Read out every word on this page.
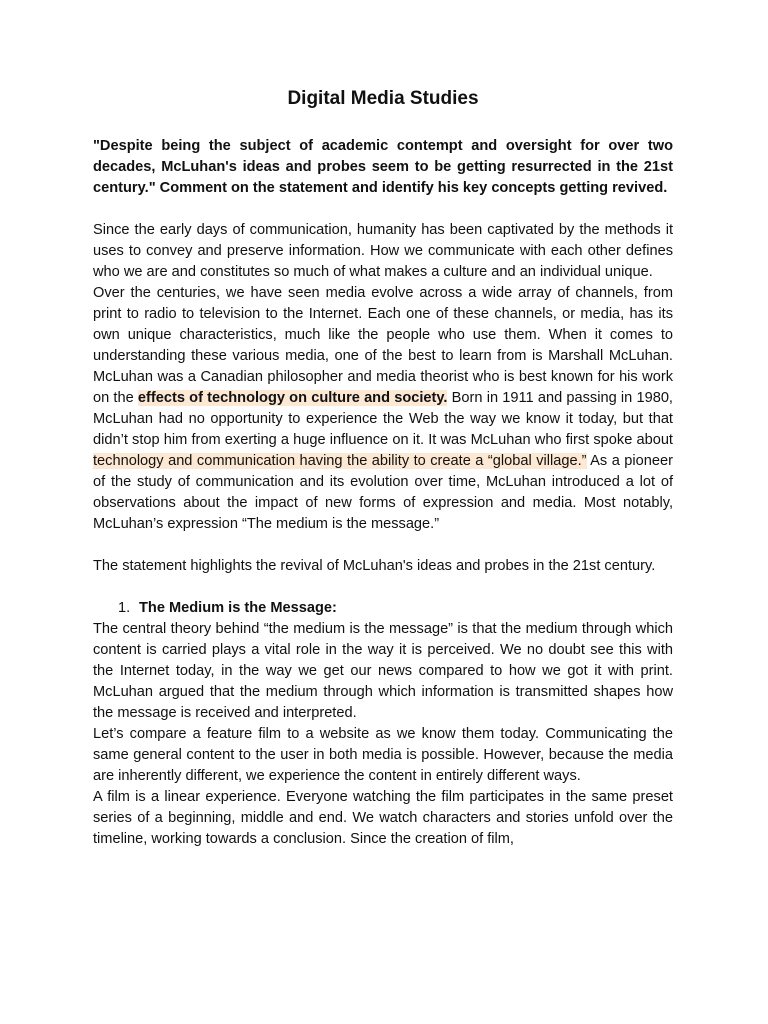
Digital Media Studies

"Despite being the subject of academic contempt and oversight for over two decades, McLuhan's ideas and probes seem to be getting resurrected in the 21st century." Comment on the statement and identify his key concepts getting revived.

Since the early days of communication, humanity has been captivated by the methods it uses to convey and preserve information. How we communicate with each other defines who we are and constitutes so much of what makes a culture and an individual unique.

Over the centuries, we have seen media evolve across a wide array of channels, from print to radio to television to the Internet. Each one of these channels, or media, has its own unique characteristics, much like the people who use them. When it comes to understanding these various media, one of the best to learn from is Marshall McLuhan. McLuhan was a Canadian philosopher and media theorist who is best known for his work on the effects of technology on culture and society. Born in 1911 and passing in 1980, McLuhan had no opportunity to experience the Web the way we know it today, but that didn’t stop him from exerting a huge influence on it. It was McLuhan who first spoke about technology and communication having the ability to create a “global village.” As a pioneer of the study of communication and its evolution over time, McLuhan introduced a lot of observations about the impact of new forms of expression and media. Most notably, McLuhan’s expression “The medium is the message.”

The statement highlights the revival of McLuhan's ideas and probes in the 21st century.

1. The Medium is the Message:

The central theory behind “the medium is the message” is that the medium through which content is carried plays a vital role in the way it is perceived. We no doubt see this with the Internet today, in the way we get our news compared to how we got it with print. McLuhan argued that the medium through which information is transmitted shapes how the message is received and interpreted.

Let’s compare a feature film to a website as we know them today. Communicating the same general content to the user in both media is possible. However, because the media are inherently different, we experience the content in entirely different ways.

A film is a linear experience. Everyone watching the film participates in the same preset series of a beginning, middle and end. We watch characters and stories unfold over the timeline, working towards a conclusion. Since the creation of film,
